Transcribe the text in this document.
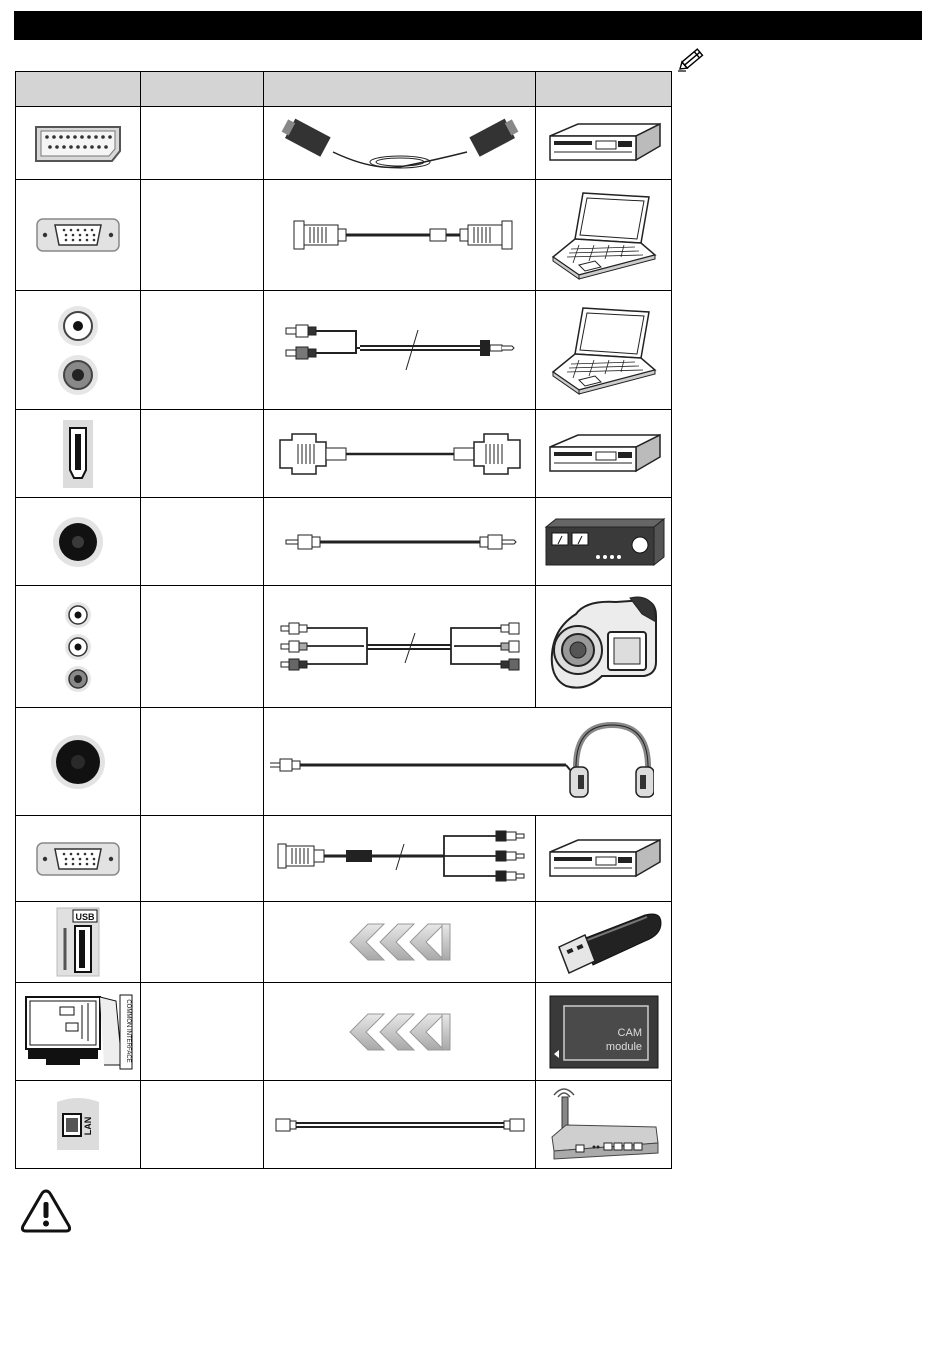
USB

COMMON INTERFACE			CAM
module

LAN
